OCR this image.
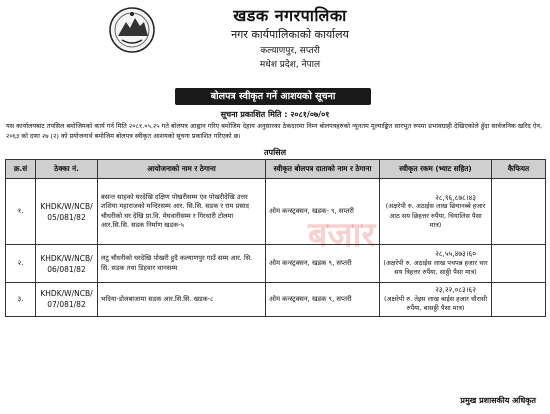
खडक नगरपालिका
नगर कार्यपालिकाको कार्यालय
कल्याणपुर, सप्तरी
मधेश प्रदेश, नेपाल
बोलपत्र स्वीकृत गर्ने आशयको सूचना
सूचना प्रकाशित मिति : २०८१/०७/०१
यस कार्यालयबाट तपसिल बमोजिमको कार्य गर्न मिति २०८१.०५.२५ गते बोलपत्र आह्वान गरिए बमोजिम देहाय अनुसारका ठेकदारमा निम्न बोलपत्रहरुको न्यूनतम मूल्याङ्कित सारभूत रुपमा प्रभावग्राही देखिएकोले हुँदा सार्वजनिक खरिद ऐन, २०६३ को दफा २७ (२) को प्रयोजनार्थ बमोजिम बोलपत्र स्वीकृत आशयको सूचना प्रकाशित गरिएको छ।
तपसिल
क्र.सं	ठेक्का नं.	आयोजनाको नाम र ठेगाना	स्वीकृत बोलपत्र दाताको नाम र ठेगाना	स्वीकृत रकम (भ्याट सहित)	कैफियत
१.	KHDK/W/NCB/ 05/081/82	बसन्त साहको घरदेखि दक्षिण पोखरीसम्म एव पोखरीदेखि उत्तर शशिया महाराजको मन्दिरसम्म आर. सि.सि. सडक र राम प्रसाद चौधरीको घर देखि प्रा.वि. मेघवारीसम्म र गिरधारी टोलमा आर.सि.सि. सडक निर्माण खडक-५	ओम कन्स्ट्रक्सन, खडक- ९, सप्तरी	२८,९६,८७८।४३
(अक्षरेपी रु. अठाईस लाख छियानब्बे हजार आठ सय छिहत्तर रुपैंया, चियालिस पैसा मात्र)	
२.	KHDK/W/NCB/ 06/081/82	लटु चौधरीको घरदेखि पोखरी हुदै कल्याणपुर गाउँ सम्म आर. सि. सि. सडक तथा डिहवार थानसम्म	ओम कन्स्ट्रक्सन, खडक ९, सप्तरी	२८,५५,४७३।६०
(अक्षरेपी रु. अठाईस लाख पचपन्न हजार चार सय त्रिहत्तर रुपैंया, साठ्ठी पैसा मात्र)	
३.	KHDK/W/NCB/ 07/081/82	भदिया-डोलबाजामा सडक आर.सि.सि. खडक-८	ओम कन्स्ट्रक्सन, खडक ९, सप्तरी	२३,२२,०८३।६२
(अक्षरेपी रु. तेइस लाख बाईस हजार चौरासी रुपैंया, बासठ्ठी पैसा मात्र)	
बजार
प्रमुख प्रशासकीय अधिकृत
